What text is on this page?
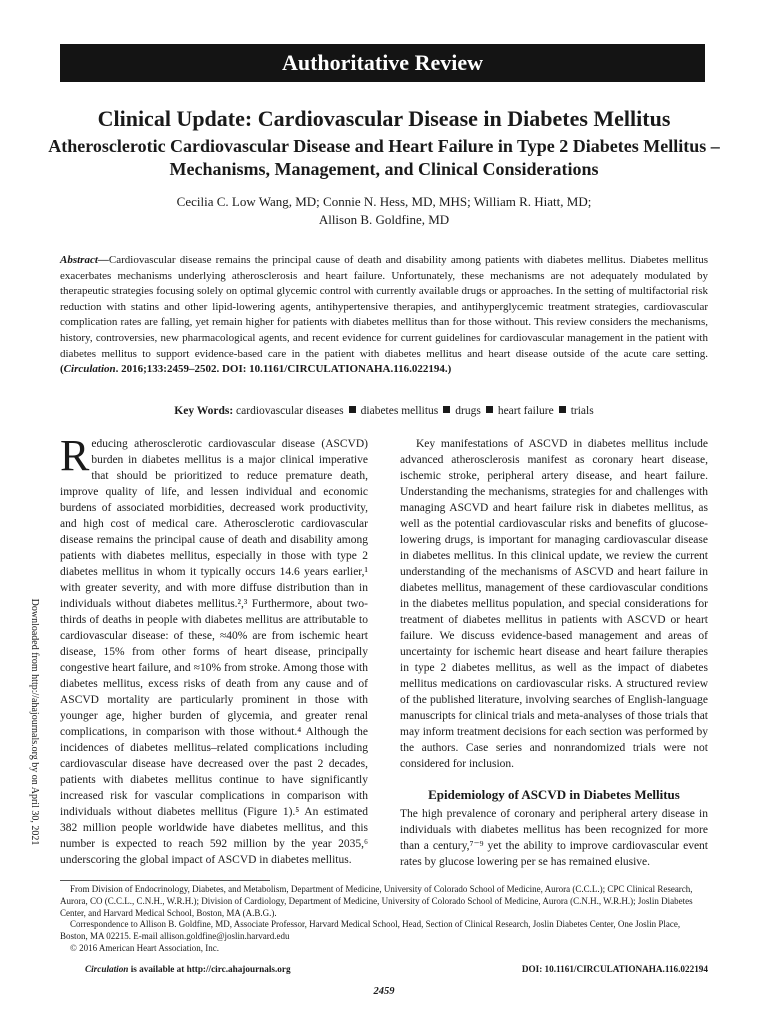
Authoritative Review
Clinical Update: Cardiovascular Disease in Diabetes Mellitus
Atherosclerotic Cardiovascular Disease and Heart Failure in Type 2 Diabetes Mellitus – Mechanisms, Management, and Clinical Considerations
Cecilia C. Low Wang, MD; Connie N. Hess, MD, MHS; William R. Hiatt, MD;
Allison B. Goldfine, MD
Abstract—Cardiovascular disease remains the principal cause of death and disability among patients with diabetes mellitus. Diabetes mellitus exacerbates mechanisms underlying atherosclerosis and heart failure. Unfortunately, these mechanisms are not adequately modulated by therapeutic strategies focusing solely on optimal glycemic control with currently available drugs or approaches. In the setting of multifactorial risk reduction with statins and other lipid-lowering agents, antihypertensive therapies, and antihyperglycemic treatment strategies, cardiovascular complication rates are falling, yet remain higher for patients with diabetes mellitus than for those without. This review considers the mechanisms, history, controversies, new pharmacological agents, and recent evidence for current guidelines for cardiovascular management in the patient with diabetes mellitus to support evidence-based care in the patient with diabetes mellitus and heart disease outside of the acute care setting. (Circulation. 2016;133:2459–2502. DOI: 10.1161/CIRCULATIONAHA.116.022194.)
Key Words: cardiovascular diseases diabetes mellitus drugs heart failure trials
Downloaded from http://ahajournals.org by on April 30, 2021

Reducing atherosclerotic cardiovascular disease (ASCVD) burden in diabetes mellitus is a major clinical imperative that should be prioritized to reduce premature death, improve quality of life, and lessen individual and economic burdens of associated morbidities, decreased work productivity, and high cost of medical care. Atherosclerotic cardiovascular disease remains the principal cause of death and disability among patients with diabetes mellitus, especially in those with type 2 diabetes mellitus in whom it typically occurs 14.6 years earlier,¹ with greater severity, and with more diffuse distribution than in individuals without diabetes mellitus.²,³ Furthermore, about two-thirds of deaths in people with diabetes mellitus are attributable to cardiovascular disease: of these, ≈40% are from ischemic heart disease, 15% from other forms of heart disease, principally congestive heart failure, and ≈10% from stroke. Among those with diabetes mellitus, excess risks of death from any cause and of ASCVD mortality are particularly prominent in those with younger age, higher burden of glycemia, and greater renal complications, in comparison with those without.⁴ Although the incidences of diabetes mellitus–related complications including cardiovascular disease have decreased over the past 2 decades, patients with diabetes mellitus continue to have significantly increased risk for vascular complications in comparison with individuals without diabetes mellitus (Figure 1).⁵ An estimated 382 million people worldwide have diabetes mellitus, and this number is expected to reach 592 million by the year 2035,⁶ underscoring the global impact of ASCVD in diabetes mellitus.

Key manifestations of ASCVD in diabetes mellitus include advanced atherosclerosis manifest as coronary heart disease, ischemic stroke, peripheral artery disease, and heart failure. Understanding the mechanisms, strategies for and challenges with managing ASCVD and heart failure risk in diabetes mellitus, as well as the potential cardiovascular risks and benefits of glucose-lowering drugs, is important for managing cardiovascular disease in diabetes mellitus. In this clinical update, we review the current understanding of the mechanisms of ASCVD and heart failure in diabetes mellitus, management of these cardiovascular conditions in the diabetes mellitus population, and special considerations for treatment of diabetes mellitus in patients with ASCVD or heart failure. We discuss evidence-based management and areas of uncertainty for ischemic heart disease and heart failure therapies in type 2 diabetes mellitus, as well as the impact of diabetes mellitus medications on cardiovascular risks. A structured review of the published literature, involving searches of English-language manuscripts for clinical trials and meta-analyses of those trials that may inform treatment decisions for each section was performed by the authors. Case series and nonrandomized trials were not considered for inclusion.

Epidemiology of ASCVD in Diabetes Mellitus

The high prevalence of coronary and peripheral artery disease in individuals with diabetes mellitus has been recognized for more than a century,⁷⁻⁹ yet the ability to improve cardiovascular event rates by glucose lowering per se has remained elusive.

From Division of Endocrinology, Diabetes, and Metabolism, Department of Medicine, University of Colorado School of Medicine, Aurora (C.C.L.); CPC Clinical Research, Aurora, CO (C.C.L., C.N.H., W.R.H.); Division of Cardiology, Department of Medicine, University of Colorado School of Medicine, Aurora (C.N.H., W.R.H.); Joslin Diabetes Center, and Harvard Medical School, Boston, MA (A.B.G.).

Correspondence to Allison B. Goldfine, MD, Associate Professor, Harvard Medical School, Head, Section of Clinical Research, Joslin Diabetes Center, One Joslin Place, Boston, MA 02215. E-mail allison.goldfine@joslin.harvard.edu

© 2016 American Heart Association, Inc.

Circulation is available at http://circ.ahajournals.org	DOI: 10.1161/CIRCULATIONAHA.116.022194
2459
